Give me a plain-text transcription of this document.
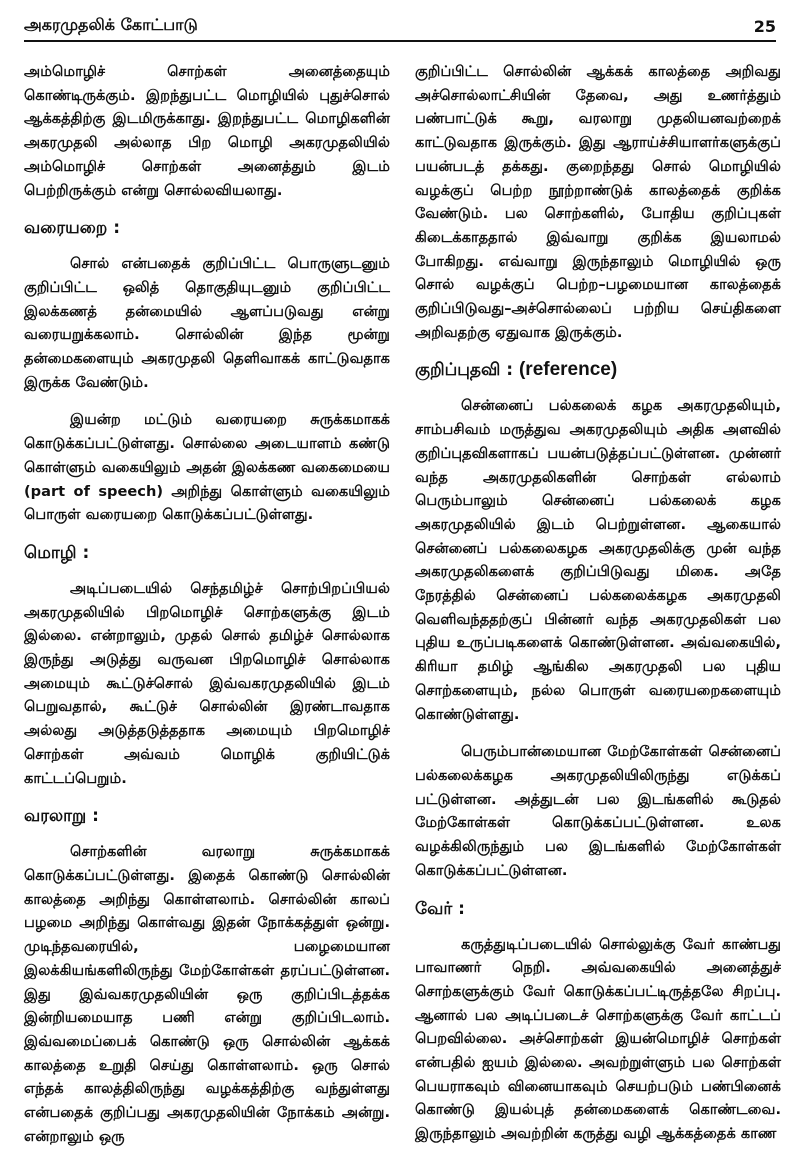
அகரமுதலிக் கோட்பாடு	25

அம்மொழிச் சொற்கள் அனைத்தையும் கொண்டிருக்கும். இறந்துபட்ட மொழியில் புதுச்சொல் ஆக்கத்திற்கு இடமிருக்காது. இறந்துபட்ட மொழிகளின் அகரமுதலி அல்லாத பிற மொழி அகரமுதலியில் அம்மொழிச் சொற்கள் அனைத்தும் இடம் பெற்றிருக்கும் என்று சொல்லவியலாது.

வரையறை :

சொல் என்பதைக் குறிப்பிட்ட பொருளுடனும் குறிப்பிட்ட ஒலித் தொகுதியுடனும் குறிப்பிட்ட இலக்கணத் தன்மையில் ஆளப்படுவது என்று வரையறுக்கலாம். சொல்லின் இந்த மூன்று தன்மைகளையும் அகரமுதலி தெளிவாகக் காட்டுவதாக இருக்க வேண்டும்.

இயன்ற மட்டும் வரையறை சுருக்கமாகக் கொடுக்கப்பட்டுள்ளது. சொல்லை அடையாளம் கண்டு கொள்ளும் வகையிலும் அதன் இலக்கண வகைமையை (part of speech) அறிந்து கொள்ளும் வகையிலும் பொருள் வரையறை கொடுக்கப்பட்டுள்ளது.

மொழி :

அடிப்படையில் செந்தமிழ்ச் சொற்பிறப்பியல் அகரமுதலியில் பிறமொழிச் சொற்களுக்கு இடம் இல்லை. என்றாலும், முதல் சொல் தமிழ்ச் சொல்லாக இருந்து அடுத்து வருவன பிறமொழிச் சொல்லாக அமையும் கூட்டுச்சொல் இவ்வகரமுதலியில் இடம் பெறுவதால், கூட்டுச் சொல்லின் இரண்டாவதாக அல்லது அடுத்தடுத்ததாக அமையும் பிறமொழிச் சொற்கள் அவ்வம் மொழிக் குறியிட்டுக் காட்டப்பெறும்.

வரலாறு :

சொற்களின் வரலாறு சுருக்கமாகக் கொடுக்கப்பட்டுள்ளது. இதைக் கொண்டு சொல்லின் காலத்தை அறிந்து கொள்ளலாம். சொல்லின் காலப் பழமை அறிந்து கொள்வது இதன் நோக்கத்துள் ஒன்று. முடிந்தவரையில், பழைமையான இலக்கியங்களிலிருந்து மேற்கோள்கள் தரப்பட்டுள்ளன. இது இவ்வகரமுதலியின் ஒரு குறிப்பிடத்தக்க இன்றியமையாத பணி என்று குறிப்பிடலாம். இவ்வமைப்பைக் கொண்டு ஒரு சொல்லின் ஆக்கக் காலத்தை உறுதி செய்து கொள்ளலாம். ஒரு சொல் எந்தக் காலத்திலிருந்து வழக்கத்திற்கு வந்துள்ளது என்பதைக் குறிப்பது அகரமுதலியின் நோக்கம் அன்று. என்றாலும் ஒரு

குறிப்பிட்ட சொல்லின் ஆக்கக் காலத்தை அறிவது அச்சொல்லாட்சியின் தேவை, அது உணர்த்தும் பண்பாட்டுக் கூறு, வரலாறு முதலியனவற்றைக் காட்டுவதாக இருக்கும். இது ஆராய்ச்சியாளர்களுக்குப் பயன்படத் தக்கது. குறைந்தது சொல் மொழியில் வழக்குப் பெற்ற நூற்றாண்டுக் காலத்தைக் குறிக்க வேண்டும். பல சொற்களில், போதிய குறிப்புகள் கிடைக்காததால் இவ்வாறு குறிக்க இயலாமல் போகிறது. எவ்வாறு இருந்தாலும் மொழியில் ஒரு சொல் வழக்குப் பெற்ற–பழமையான காலத்தைக் குறிப்பிடுவது–அச்சொல்லைப் பற்றிய செய்திகளை அறிவதற்கு ஏதுவாக இருக்கும்.

குறிப்புதவி : (reference)

சென்னைப் பல்கலைக் கழக அகரமுதலியும், சாம்பசிவம் மருத்துவ அகரமுதலியும் அதிக அளவில் குறிப்புதவிகளாகப் பயன்படுத்தப்பட்டுள்ளன. முன்னர் வந்த அகரமுதலிகளின் சொற்கள் எல்லாம் பெரும்பாலும் சென்னைப் பல்கலைக் கழக அகரமுதலியில் இடம் பெற்றுள்ளன. ஆகையால் சென்னைப் பல்கலைகழக அகரமுதலிக்கு முன் வந்த அகரமுதலிகளைக் குறிப்பிடுவது மிகை. அதே நேரத்தில் சென்னைப் பல்கலைக்கழக அகரமுதலி வெளிவந்ததற்குப் பின்னர் வந்த அகரமுதலிகள் பல புதிய உருப்படிகளைக் கொண்டுள்ளன. அவ்வகையில், கிரியா தமிழ் ஆங்கில அகரமுதலி பல புதிய சொற்களையும், நல்ல பொருள் வரையறைகளையும் கொண்டுள்ளது.

பெரும்பான்மையான மேற்கோள்கள் சென்னைப் பல்கலைக்கழக அகரமுதலியிலிருந்து எடுக்கப் பட்டுள்ளன. அத்துடன் பல இடங்களில் கூடுதல் மேற்கோள்கள் கொடுக்கப்பட்டுள்ளன. உலக வழக்கிலிருந்தும் பல இடங்களில் மேற்கோள்கள் கொடுக்கப்பட்டுள்ளன.

வேர் :

கருத்துடிப்படையில் சொல்லுக்கு வேர் காண்பது பாவாணர் நெறி. அவ்வகையில் அனைத்துச் சொற்களுக்கும் வேர் கொடுக்கப்பட்டிருத்தலே சிறப்பு. ஆனால் பல அடிப்படைச் சொற்களுக்கு வேர் காட்டப் பெறவில்லை. அச்சொற்கள் இயன்மொழிச் சொற்கள் என்பதில் ஐயம் இல்லை. அவற்றுள்ளும் பல சொற்கள் பெயராகவும் வினையாகவும் செயற்படும் பண்பினைக் கொண்டு இயல்புத் தன்மைகளைக் கொண்டவை. இருந்தாலும் அவற்றின் கருத்து வழி ஆக்கத்தைக் காண
